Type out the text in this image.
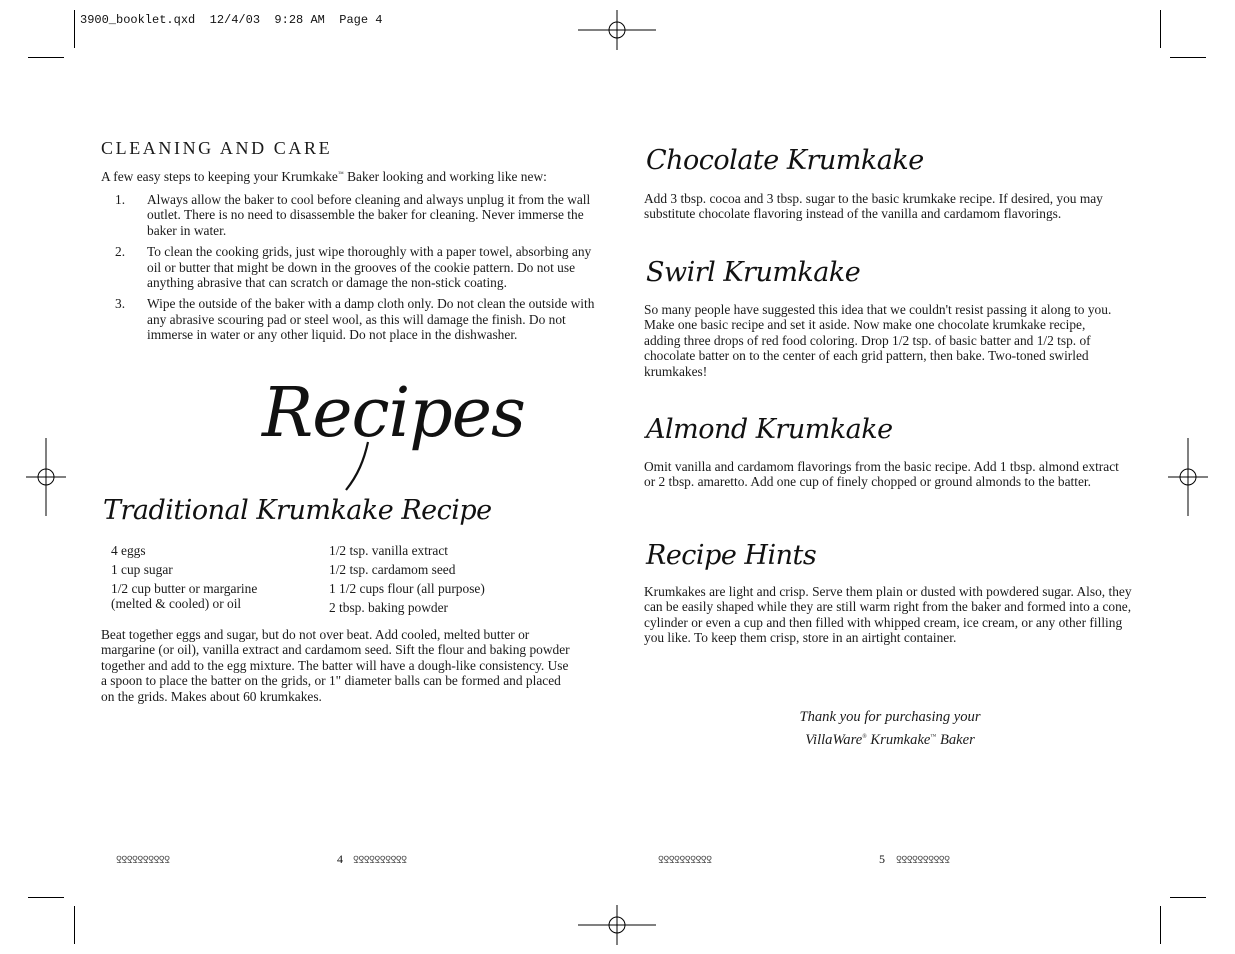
3900_booklet.qxd  12/4/03  9:28 AM  Page 4
CLEANING AND CARE
A few easy steps to keeping your Krumkake™ Baker looking and working like new:
1. Always allow the baker to cool before cleaning and always unplug it from the wall outlet. There is no need to disassemble the baker for cleaning. Never immerse the baker in water.
2. To clean the cooking grids, just wipe thoroughly with a paper towel, absorbing any oil or butter that might be down in the grooves of the cookie pattern. Do not use anything abrasive that can scratch or damage the non-stick coating.
3. Wipe the outside of the baker with a damp cloth only. Do not clean the outside with any abrasive scouring pad or steel wool, as this will damage the finish. Do not immerse in water or any other liquid. Do not place in the dishwasher.
Recipes
Traditional Krumkake Recipe
4 eggs
1 cup sugar
1/2 cup butter or margarine
(melted & cooled) or oil
1/2 tsp. vanilla extract
1/2 tsp. cardamom seed
1 1/2 cups flour (all purpose)
2 tbsp. baking powder
Beat together eggs and sugar, but do not over beat. Add cooled, melted butter or margarine (or oil), vanilla extract and cardamom seed. Sift the flour and baking powder together and add to the egg mixture. The batter will have a dough-like consistency. Use a spoon to place the batter on the grids, or 1" diameter balls can be formed and placed on the grids. Makes about 60 krumkakes.
ꝾꝾꝾꝾꝾꝾꝾꝾꝾꝾ	4 ꝾꝾꝾꝾꝾꝾꝾꝾꝾꝾ
Chocolate Krumkake
Add 3 tbsp. cocoa and 3 tbsp. sugar to the basic krumkake recipe. If desired, you may substitute chocolate flavoring instead of the vanilla and cardamom flavorings.
Swirl Krumkake
So many people have suggested this idea that we couldn't resist passing it along to you. Make one basic recipe and set it aside. Now make one chocolate krumkake recipe, adding three drops of red food coloring. Drop 1/2 tsp. of basic batter and 1/2 tsp. of chocolate batter on to the center of each grid pattern, then bake. Two-toned swirled krumkakes!
Almond Krumkake
Omit vanilla and cardamom flavorings from the basic recipe. Add 1 tbsp. almond extract or 2 tbsp. amaretto. Add one cup of finely chopped or ground almonds to the batter.
Recipe Hints
Krumkakes are light and crisp. Serve them plain or dusted with powdered sugar. Also, they can be easily shaped while they are still warm right from the baker and formed into a cone, cylinder or even a cup and then filled with whipped cream, ice cream, or any other filling you like. To keep them crisp, store in an airtight container.
Thank you for purchasing your
VillaWare® Krumkake™ Baker
ꝾꝾꝾꝾꝾꝾꝾꝾꝾꝾ	5 ꝾꝾꝾꝾꝾꝾꝾꝾꝾꝾ
